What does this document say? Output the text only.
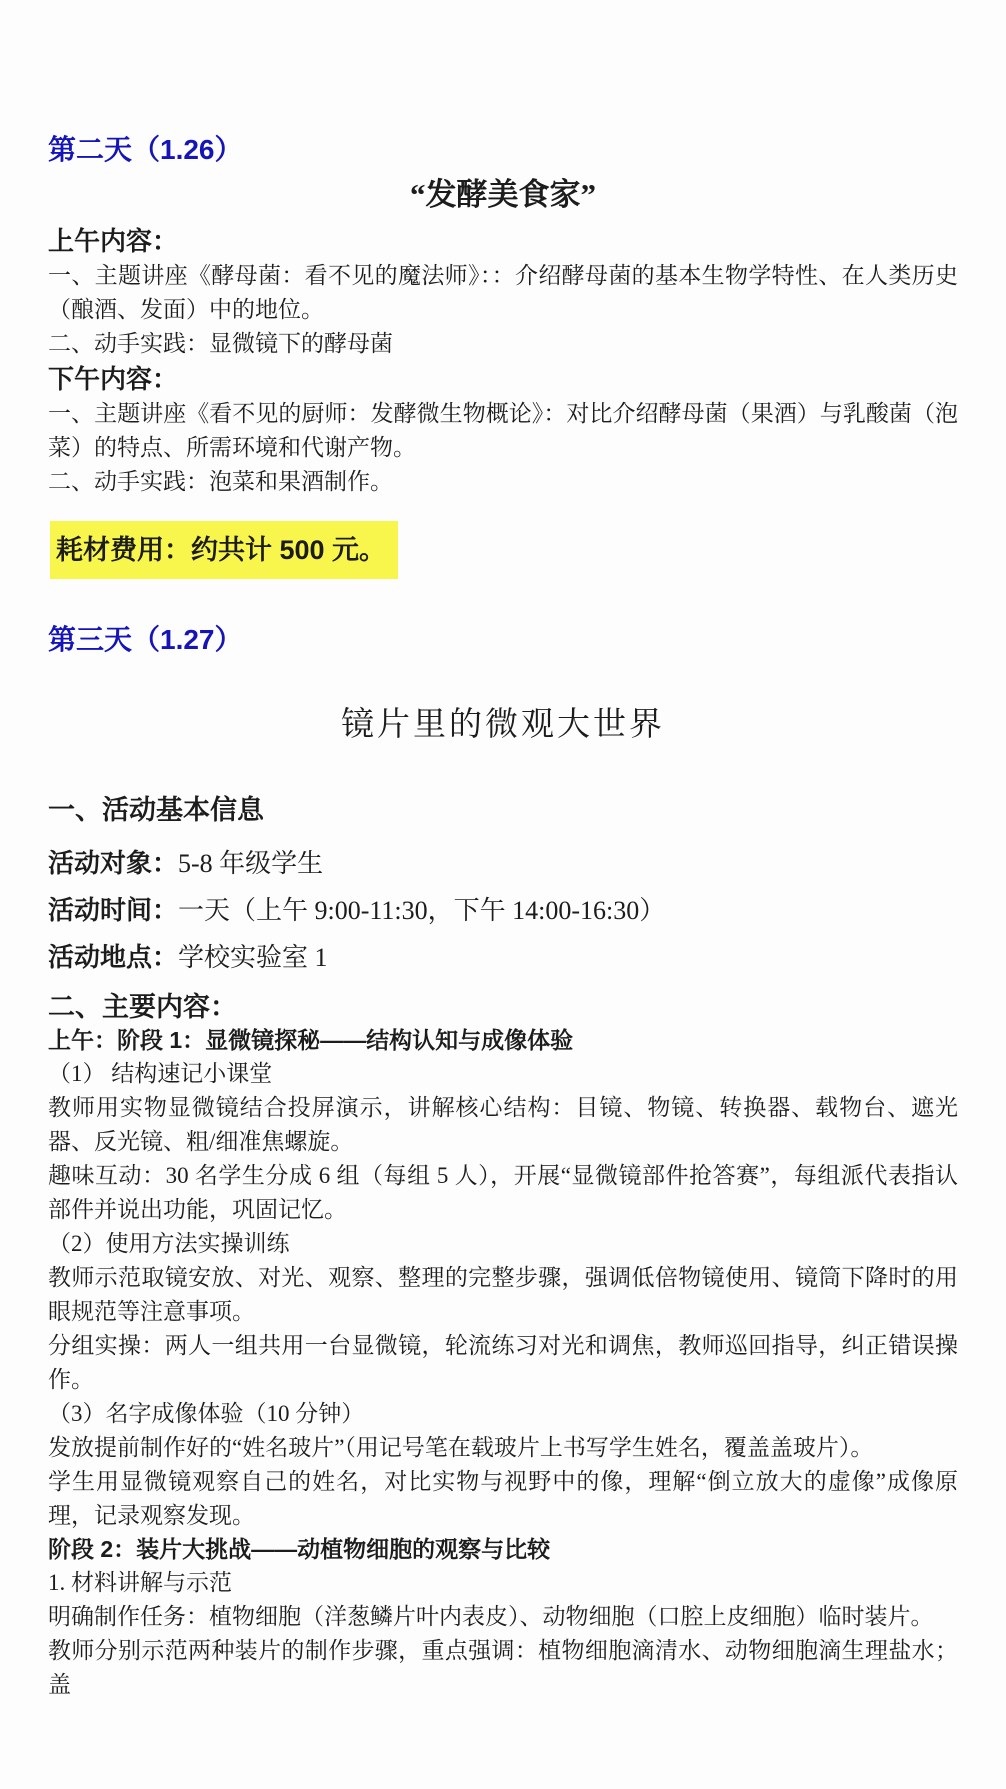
第二天（1.26）
“发酵美食家”
上午内容：

一、主题讲座《酵母菌：看不见的魔法师》：：介绍酵母菌的基本生物学特性、在人类历史（酿酒、发面）中的地位。

二、动手实践：显微镜下的酵母菌

下午内容：

一、主题讲座《看不见的厨师：发酵微生物概论》：对比介绍酵母菌（果酒）与乳酸菌（泡菜）的特点、所需环境和代谢产物。

二、动手实践：泡菜和果酒制作。

耗材费用：约共计 500 元。
第三天（1.27）
镜片里的微观大世界
一、活动基本信息

活动对象：5-8 年级学生

活动时间：一天（上午 9:00-11:30，下午 14:00-16:30）

活动地点：学校实验室 1

二、主要内容：
上午：阶段 1：显微镜探秘——结构认知与成像体验

（1） 结构速记小课堂

教师用实物显微镜结合投屏演示，讲解核心结构：目镜、物镜、转换器、载物台、遮光器、反光镜、粗/细准焦螺旋。

趣味互动：30 名学生分成 6 组（每组 5 人），开展“显微镜部件抢答赛”，每组派代表指认部件并说出功能，巩固记忆。

（2）使用方法实操训练

教师示范取镜安放、对光、观察、整理的完整步骤，强调低倍物镜使用、镜筒下降时的用眼规范等注意事项。

分组实操：两人一组共用一台显微镜，轮流练习对光和调焦，教师巡回指导，纠正错误操作。

（3）名字成像体验（10 分钟）

发放提前制作好的“姓名玻片”（用记号笔在载玻片上书写学生姓名，覆盖盖玻片）。

学生用显微镜观察自己的姓名，对比实物与视野中的像，理解“倒立放大的虚像”成像原理，记录观察发现。

阶段 2：装片大挑战——动植物细胞的观察与比较

1. 材料讲解与示范

明确制作任务：植物细胞（洋葱鳞片叶内表皮）、动物细胞（口腔上皮细胞）临时装片。

教师分别示范两种装片的制作步骤，重点强调：植物细胞滴清水、动物细胞滴生理盐水；盖
